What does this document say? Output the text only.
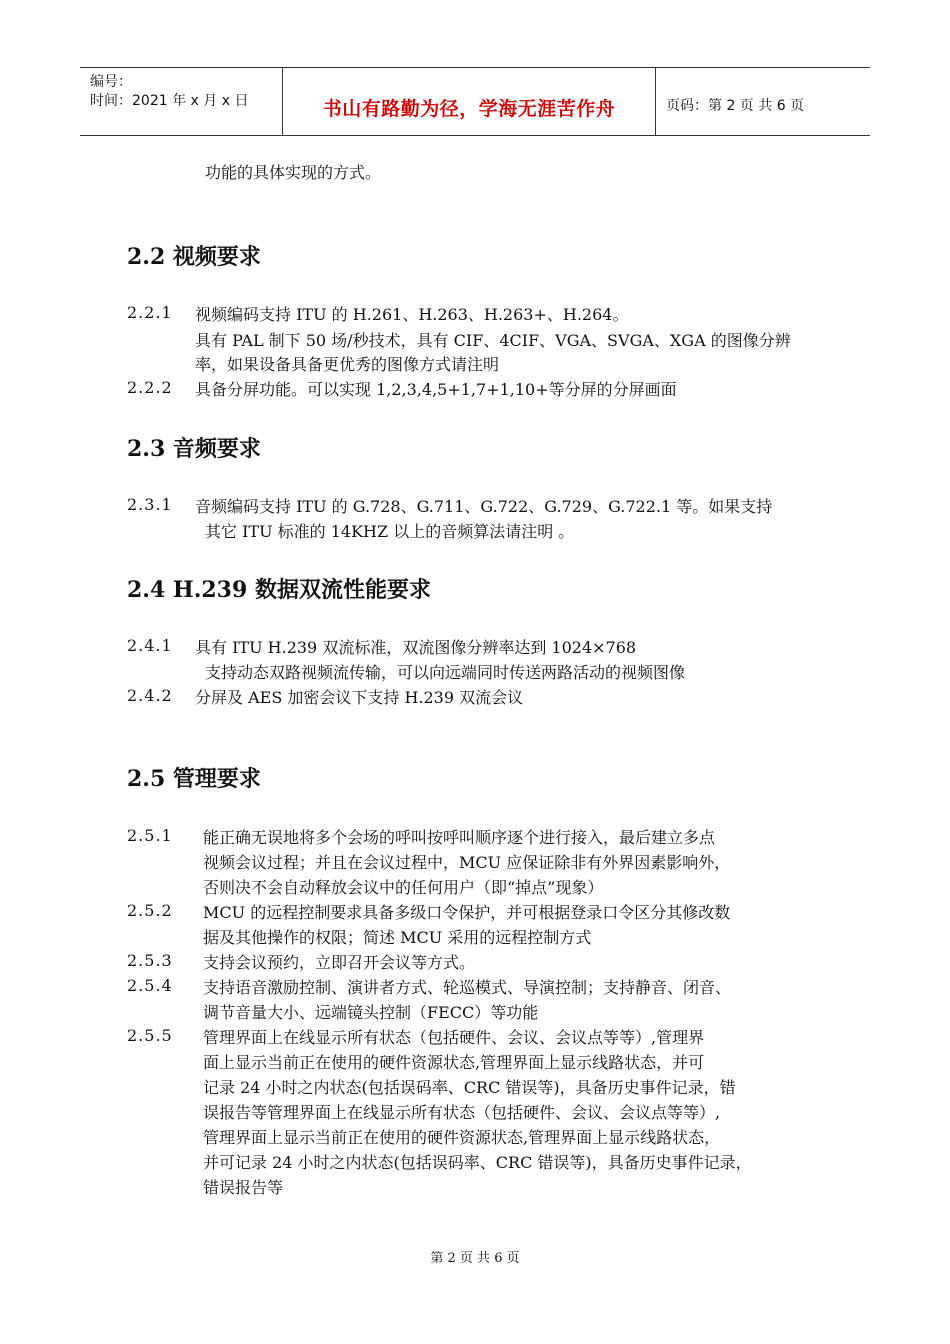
编号：
时间：2021 年 x 月 x 日	书山有路勤为径，学海无涯苦作舟	页码：第 2 页 共 6 页
功能的具体实现的方式。
2.2 视频要求
2.2.1 视频编码支持 ITU 的 H.261、H.263、H.263+、H.264。
具有 PAL 制下 50 场/秒技术，具有 CIF、4CIF、VGA、SVGA、XGA 的图像分辨
率，如果设备具备更优秀的图像方式请注明
2.2.2 具备分屏功能。可以实现 1,2,3,4,5+1,7+1,10+等分屏的分屏画面
2.3 音频要求
2.3.1 音频编码支持 ITU 的 G.728、G.711、G.722、G.729、G.722.1 等。如果支持
其它 ITU 标准的 14KHZ 以上的音频算法请注明 。
2.4 H.239 数据双流性能要求
2.4.1 具有 ITU H.239 双流标准，双流图像分辨率达到 1024×768
支持动态双路视频流传输，可以向远端同时传送两路活动的视频图像
2.4.2 分屏及 AES 加密会议下支持 H.239 双流会议
2.5 管理要求
2.5.1 能正确无误地将多个会场的呼叫按呼叫顺序逐个进行接入，最后建立多点
视频会议过程；并且在会议过程中，MCU 应保证除非有外界因素影响外，
否则决不会自动释放会议中的任何用户（即“掉点”现象）
2.5.2 MCU 的远程控制要求具备多级口令保护，并可根据登录口令区分其修改数
据及其他操作的权限；简述 MCU 采用的远程控制方式
2.5.3 支持会议预约，立即召开会议等方式。
2.5.4 支持语音激励控制、演讲者方式、轮巡模式、导演控制；支持静音、闭音、
调节音量大小、远端镜头控制（FECC）等功能
2.5.5 管理界面上在线显示所有状态（包括硬件、会议、会议点等等）,管理界
面上显示当前正在使用的硬件资源状态,管理界面上显示线路状态，并可
记录 24 小时之内状态(包括误码率、CRC 错误等)，具备历史事件记录，错
误报告等管理界面上在线显示所有状态（包括硬件、会议、会议点等等）,
管理界面上显示当前正在使用的硬件资源状态,管理界面上显示线路状态，
并可记录 24 小时之内状态(包括误码率、CRC 错误等)，具备历史事件记录，
错误报告等
第 2 页 共 6 页
